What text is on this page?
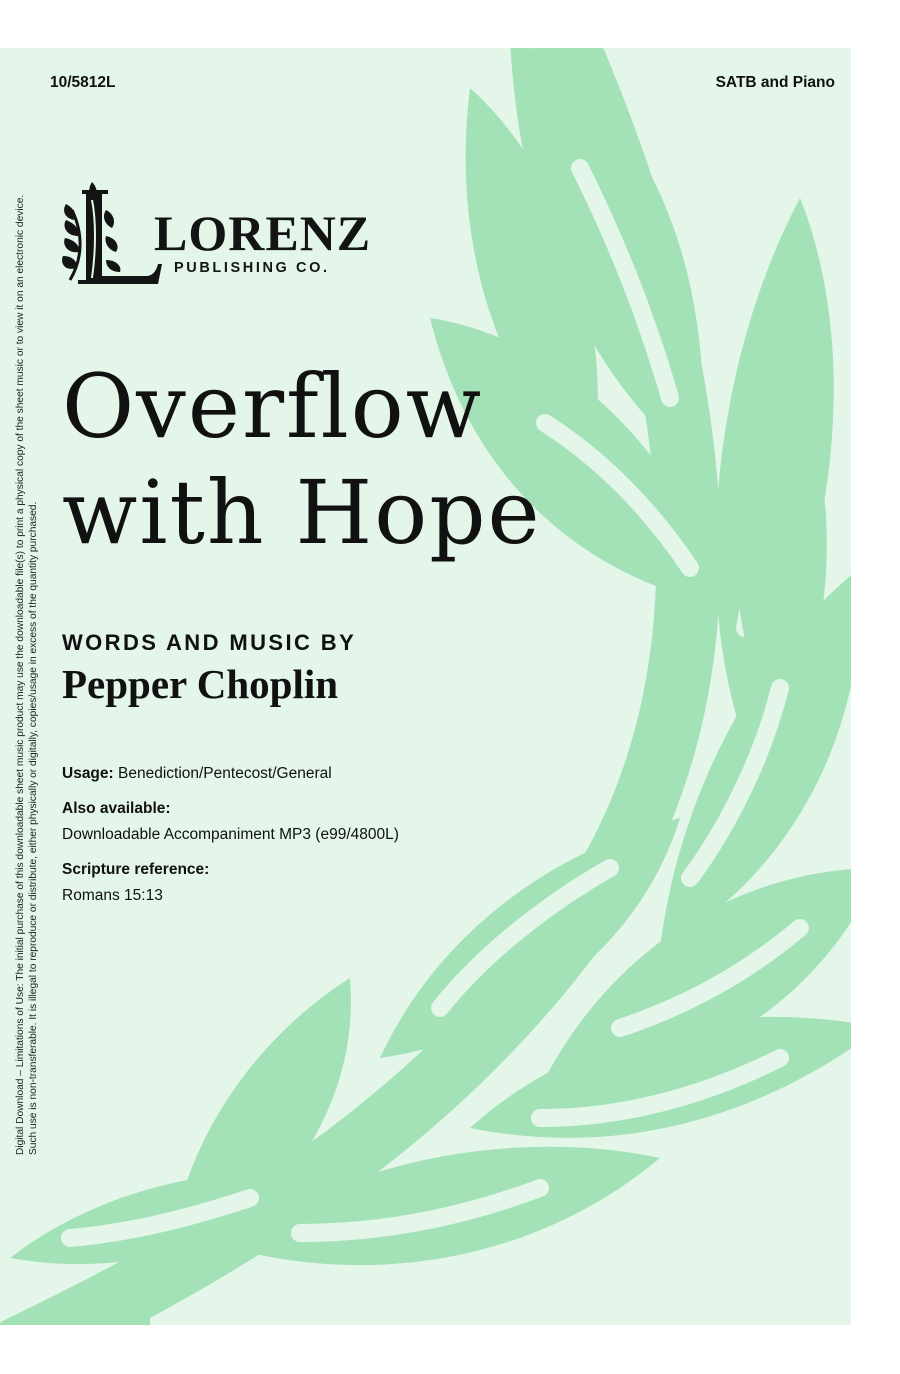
10/5812L	SATB and Piano
LORENZ
PUBLISHING CO.
Overflow
with Hope
WORDS AND MUSIC BY
Pepper Choplin
Usage: Benediction/Pentecost/General
Also available:
Downloadable Accompaniment MP3 (e99/4800L)
Scripture reference:
Romans 15:13
Digital Download – Limitations of Use: The initial purchase of this downloadable sheet music product may use the downloadable file(s) to print a physical copy of the sheet music or to view it on an electronic device. Such use is non-transferable. It is illegal to reproduce or distribute, either physically or digitally, copies/usage in excess of the quantity purchased.
